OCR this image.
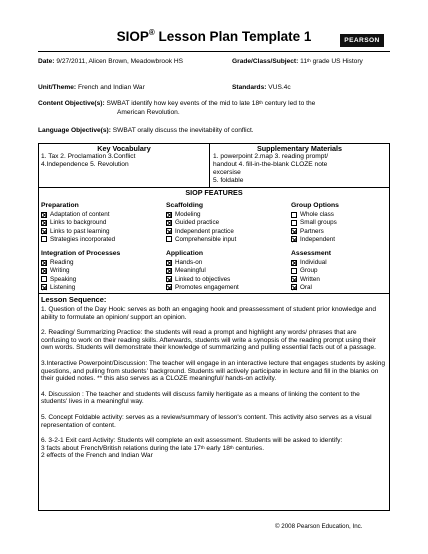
SIOP® Lesson Plan Template 1	PEARSON
Date: 9/27/2011, Alicen Brown, Meadowbrook HS	Grade/Class/Subject: 11th grade US History
Unit/Theme: French and Indian War	Standards: VUS.4c
Content Objective(s): SWBAT identify how key events of the mid to late 18th century led to the
American Revolution.
Language Objective(s): SWBAT orally discuss the inevitability of conflict.
Key Vocabulary
1. Tax 2. Proclamation 3.Conflict
4.Independence 5. Revolution
Supplementary Materials
1. powerpoint 2.map 3. reading prompt/
handout 4. fill-in-the-blank CLOZE note
excersise
5. foldable
SIOP FEATURES
Preparation
Adaptation of content
Links to background
Links to past learning
Strategies incorporated
Scaffolding
Modeling
Guided practice
Independent practice
Comprehensible input
Group Options
Whole class
Small groups
Partners
Independent
Integration of Processes
Reading
Writing
Speaking
Listening
Application
Hands-on
Meaningful
Linked to objectives
Promotes engagement
Assessment
Individual
Group
Written
Oral
Lesson Sequence:

1. Question of the Day Hook: serves as both an engaging hook and preassessment of student prior knowledge and ability to formulate an opinion/ support an opinion.

2. Reading/ Summarizing Practice: the students will read a prompt and highlight any words/ phrases that are confusing to work on their reading skills. Afterwards, students will write a synopsis of the reading prompt using their own words. Students will demonstrate their knowledge of summarizing and pulling essential facts out of a passage.

3.Interactive Powerpoint/Discussion: The teacher will engage in an interactive lecture that engages students by asking questions, and pulling from students' background. Students will actively participate in lecture and fill in the blanks on their guided notes. ** this also serves as a CLOZE meaningful/ hands-on activity.

4. Discussion : The teacher and students will discuss family heritigate as a means of linking the content to the students' lives in a meaningful way.

5. Concept Foldable activity: serves as a review/summary of lesson's content. This activity also serves as a visual representation of content.

6. 3-2-1 Exit card Activity: Students will complete an exit assessment. Students will be asked to identify:
3 facts about French/British relations during the late 17th early 18th centuries.
2 effects of the French and Indian War
© 2008 Pearson Education, Inc.
